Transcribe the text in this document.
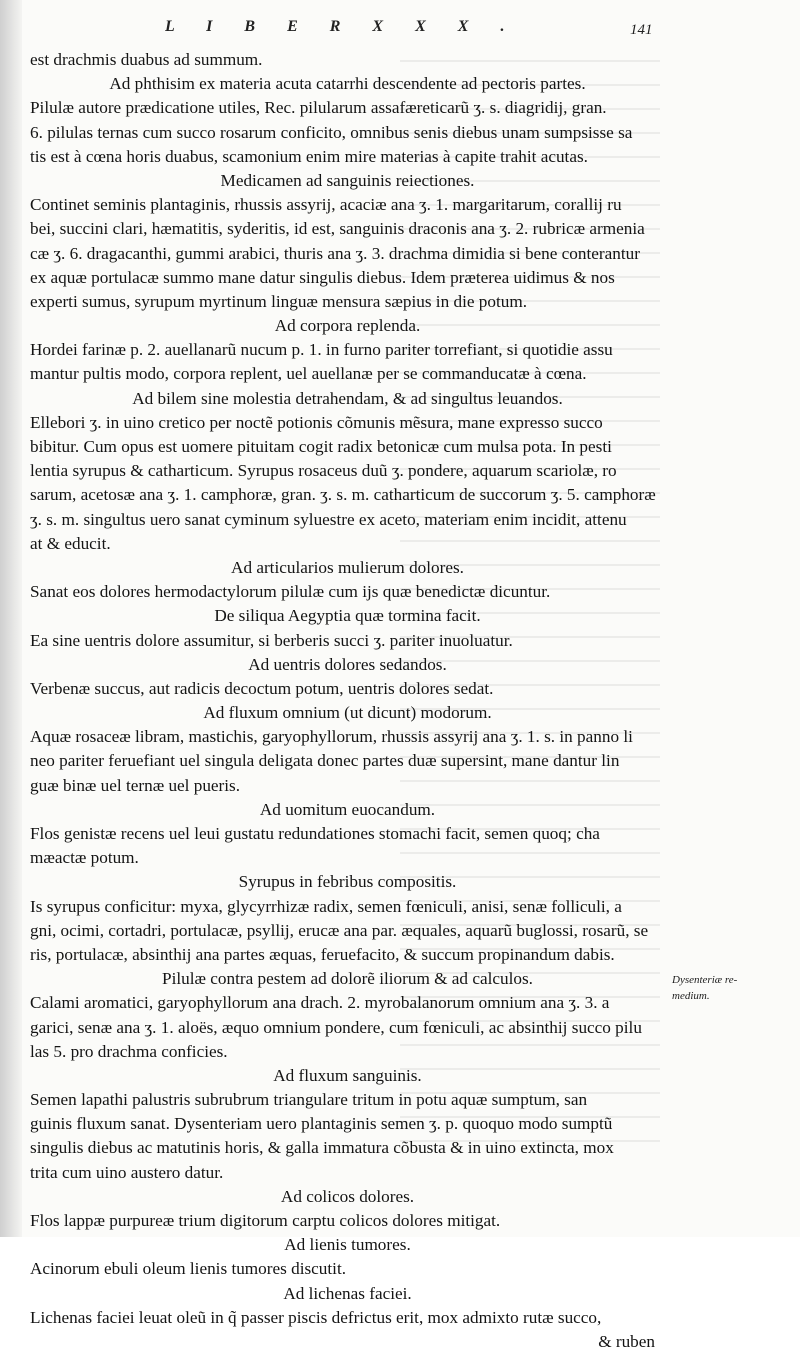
L I B E R X X X .	141
est drachmis duabus ad summum.
Ad phthisim ex materia acuta catarrhi descendente ad pectoris partes.
Pilulæ autore prædicatione utiles, Rec. pilularum assafæreticarũ ʒ. s. diagridij, gran.
6. pilulas ternas cum succo rosarum conficito, omnibus senis diebus unam sumpsisse sa
tis est à cœna horis duabus, scamonium enim mire materias à capite trahit acutas.
Medicamen ad sanguinis reiectiones.
Continet seminis plantaginis, rhussis assyrij, acaciæ ana ʒ. 1. margaritarum, corallij ru
bei, succini clari, hæmatitis, syderitis, id est, sanguinis draconis ana ʒ. 2. rubricæ armenia
cæ ʒ. 6. dragacanthi, gummi arabici, thuris ana ʒ. 3. drachma dimidia si bene conterantur
ex aquæ portulacæ summo mane datur singulis diebus. Idem præterea uidimus & nos
experti sumus, syrupum myrtinum linguæ mensura sæpius in die potum.
Ad corpora replenda.
Hordei farinæ p. 2. auellanarũ nucum p. 1. in furno pariter torrefiant, si quotidie assu
mantur pultis modo, corpora replent, uel auellanæ per se commanducatæ à cœna.
Ad bilem sine molestia detrahendam, & ad singultus leuandos.
Ellebori ʒ. in uino cretico per noctẽ potionis cõmunis mẽsura, mane expresso succo
bibitur. Cum opus est uomere pituitam cogit radix betonicæ cum mulsa pota. In pesti
lentia syrupus & catharticum. Syrupus rosaceus duũ ʒ. pondere, aquarum scariolæ, ro
sarum, acetosæ ana ʒ. 1. camphoræ, gran. ʒ. s. m. catharticum de succorum ʒ. 5. camphoræ
ʒ. s. m. singultus uero sanat cyminum syluestre ex aceto, materiam enim incidit, attenu
at & educit.
Ad articularios mulierum dolores.
Sanat eos dolores hermodactylorum pilulæ cum ijs quæ benedictæ dicuntur.
De siliqua Aegyptia quæ tormina facit.
Ea sine uentris dolore assumitur, si berberis succi ʒ. pariter inuoluatur.
Ad uentris dolores sedandos.
Verbenæ succus, aut radicis decoctum potum, uentris dolores sedat.
Ad fluxum omnium (ut dicunt) modorum.
Aquæ rosaceæ libram, mastichis, garyophyllorum, rhussis assyrij ana ʒ. 1. s. in panno li
neo pariter feruefiant uel singula deligata donec partes duæ supersint, mane dantur lin
guæ binæ uel ternæ uel pueris.
Ad uomitum euocandum.
Flos genistæ recens uel leui gustatu redundationes stomachi facit, semen quoq; cha
mæactæ potum.
Syrupus in febribus compositis.
Is syrupus conficitur: myxa, glycyrrhizæ radix, semen fœniculi, anisi, senæ folliculi, a
gni, ocimi, cortadri, portulacæ, psyllij, erucæ ana par. æquales, aquarũ buglossi, rosarũ, se
ris, portulacæ, absinthij ana partes æquas, feruefacito, & succum propinandum dabis.
Pilulæ contra pestem ad dolorẽ iliorum & ad calculos.
Calami aromatici, garyophyllorum ana drach. 2. myrobalanorum omnium ana ʒ. 3. a
garici, senæ ana ʒ. 1. aloës, æquo omnium pondere, cum fœniculi, ac absinthij succo pilu
las 5. pro drachma conficies.
Ad fluxum sanguinis.
Semen lapathi palustris subrubrum triangulare tritum in potu aquæ sumptum, san
guinis fluxum sanat. Dysenteriam uero plantaginis semen ʒ. p. quoquo modo sumptũ
singulis diebus ac matutinis horis, & galla immatura cõbusta & in uino extincta, mox
trita cum uino austero datur.
Ad colicos dolores.
Flos lappæ purpureæ trium digitorum carptu colicos dolores mitigat.
Ad lienis tumores.
Acinorum ebuli oleum lienis tumores discutit.
Ad lichenas faciei.
Lichenas faciei leuat oleũ in q̃ passer piscis defrictus erit, mox admixto rutæ succo,
& ruben
Dysenteriæ re-
medium.
